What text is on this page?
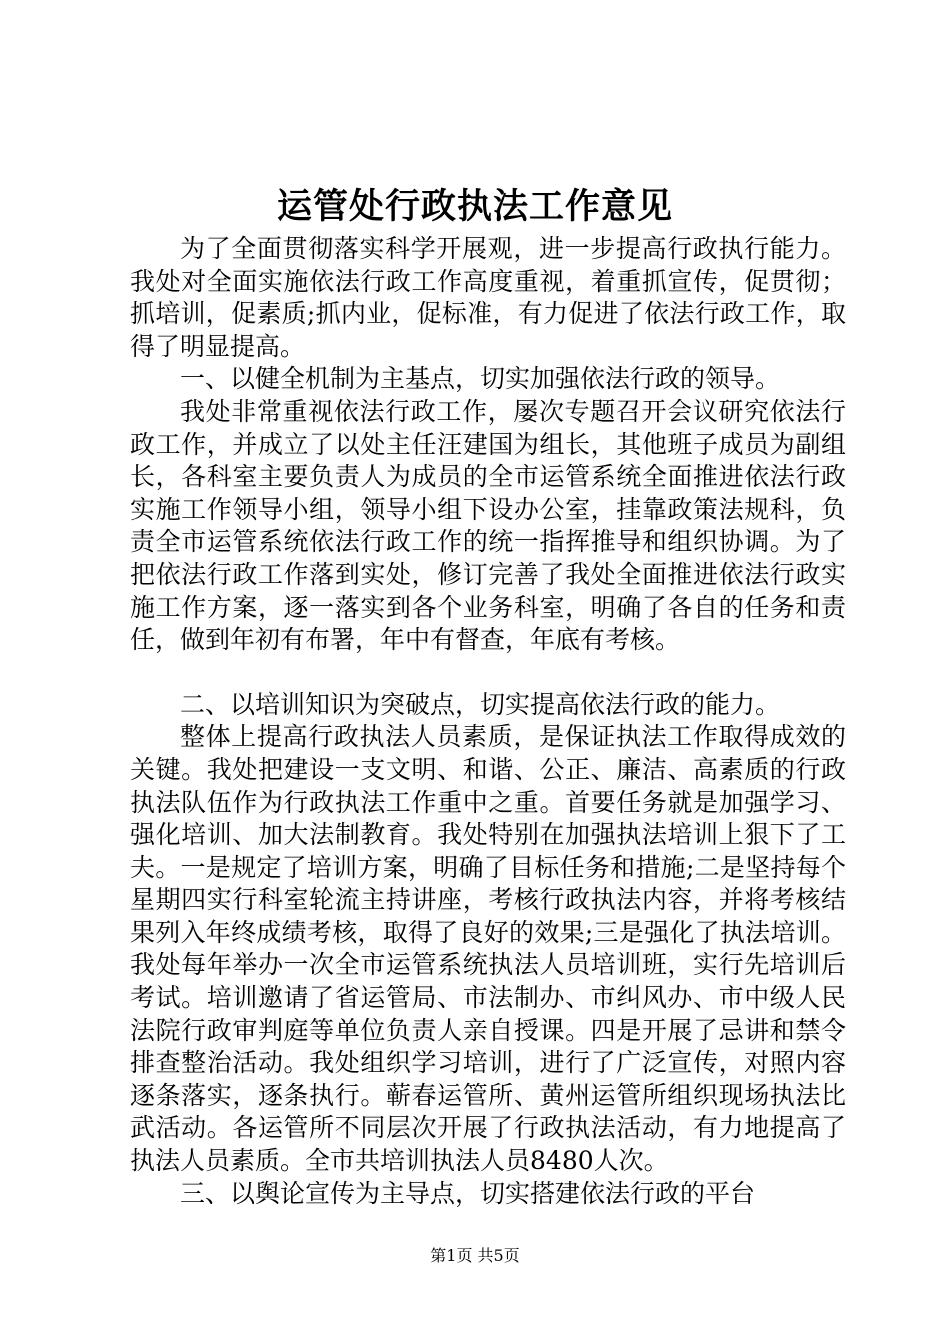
运管处行政执法工作意见

为了全面贯彻落实科学开展观，进一步提高行政执行能力。我处对全面实施依法行政工作高度重视，着重抓宣传，促贯彻；抓培训，促素质;抓内业，促标准，有力促进了依法行政工作，取得了明显提高。

一、以健全机制为主基点，切实加强依法行政的领导。

我处非常重视依法行政工作，屡次专题召开会议研究依法行政工作，并成立了以处主任汪建国为组长，其他班子成员为副组长，各科室主要负责人为成员的全市运管系统全面推进依法行政实施工作领导小组，领导小组下设办公室，挂靠政策法规科，负责全市运管系统依法行政工作的统一指挥推导和组织协调。为了把依法行政工作落到实处，修订完善了我处全面推进依法行政实施工作方案，逐一落实到各个业务科室，明确了各自的任务和责任，做到年初有布署，年中有督查，年底有考核。

二、以培训知识为突破点，切实提高依法行政的能力。

整体上提高行政执法人员素质，是保证执法工作取得成效的关键。我处把建设一支文明、和谐、公正、廉洁、高素质的行政执法队伍作为行政执法工作重中之重。首要任务就是加强学习、强化培训、加大法制教育。我处特别在加强执法培训上狠下了工夫。一是规定了培训方案，明确了目标任务和措施;二是坚持每个星期四实行科室轮流主持讲座，考核行政执法内容，并将考核结果列入年终成绩考核，取得了良好的效果;三是强化了执法培训。我处每年举办一次全市运管系统执法人员培训班，实行先培训后考试。培训邀请了省运管局、市法制办、市纠风办、市中级人民法院行政审判庭等单位负责人亲自授课。四是开展了忌讲和禁令排查整治活动。我处组织学习培训，进行了广泛宣传，对照内容逐条落实，逐条执行。蕲春运管所、黄州运管所组织现场执法比武活动。各运管所不同层次开展了行政执法活动，有力地提高了执法人员素质。全市共培训执法人员8480人次。

三、以舆论宣传为主导点，切实搭建依法行政的平台

第1页 共5页
